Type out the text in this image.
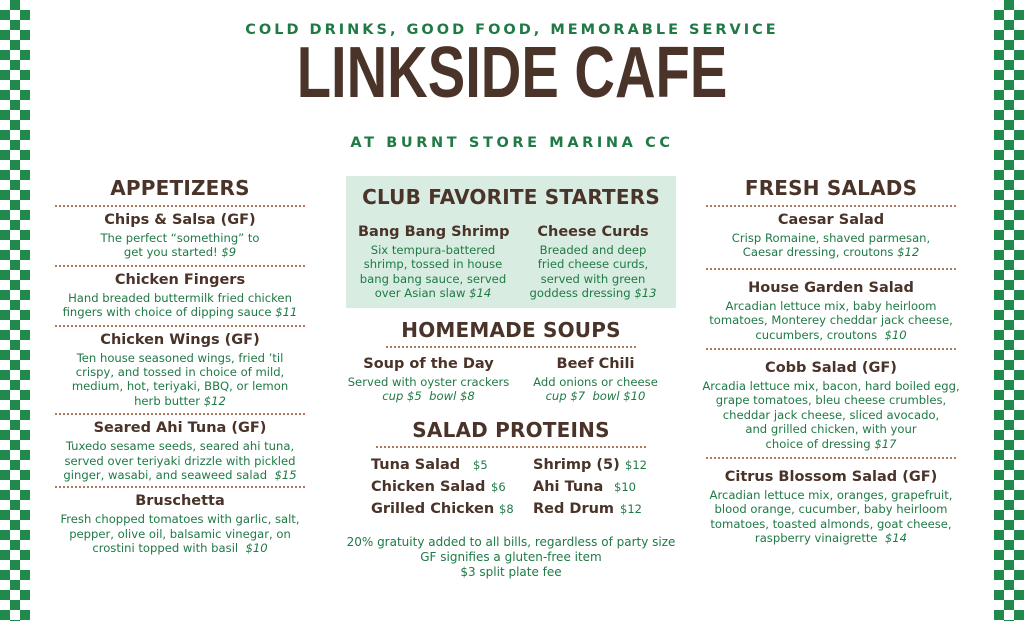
COLD DRINKS, GOOD FOOD, MEMORABLE SERVICE
LINKSIDE CAFE
AT BURNT STORE MARINA CC
APPETIZERS
Chips & Salsa (GF)
The perfect “something” to
get you started! $9
Chicken Fingers
Hand breaded buttermilk fried chicken
fingers with choice of dipping sauce $11
Chicken Wings (GF)
Ten house seasoned wings, fried ’til
crispy, and tossed in choice of mild,
medium, hot, teriyaki, BBQ, or lemon
herb butter $12
Seared Ahi Tuna (GF)
Tuxedo sesame seeds, seared ahi tuna,
served over teriyaki drizzle with pickled
ginger, wasabi, and seaweed salad $15
Bruschetta
Fresh chopped tomatoes with garlic, salt,
pepper, olive oil, balsamic vinegar, on
crostini topped with basil $10
CLUB FAVORITE STARTERS
Bang Bang Shrimp
Six tempura-battered
shrimp, tossed in house
bang bang sauce, served
over Asian slaw $14
Cheese Curds
Breaded and deep
fried cheese curds,
served with green
goddess dressing $13
HOMEMADE SOUPS
Soup of the Day
Served with oyster crackers
cup $5  bowl $8
Beef Chili
Add onions or cheese
cup $7  bowl $10
SALAD PROTEINS
Tuna Salad $5
Chicken Salad $6
Grilled Chicken $8
Shrimp (5) $12
Ahi Tuna $10
Red Drum $12
20% gratuity added to all bills, regardless of party size
GF signifies a gluten-free item
$3 split plate fee
FRESH SALADS
Caesar Salad
Crisp Romaine, shaved parmesan,
Caesar dressing, croutons $12
House Garden Salad
Arcadian lettuce mix, baby heirloom
tomatoes, Monterey cheddar jack cheese,
cucumbers, croutons $10
Cobb Salad (GF)
Arcadia lettuce mix, bacon, hard boiled egg,
grape tomatoes, bleu cheese crumbles,
cheddar jack cheese, sliced avocado,
and grilled chicken, with your
choice of dressing $17
Citrus Blossom Salad (GF)
Arcadian lettuce mix, oranges, grapefruit,
blood orange, cucumber, baby heirloom
tomatoes, toasted almonds, goat cheese,
raspberry vinaigrette $14
